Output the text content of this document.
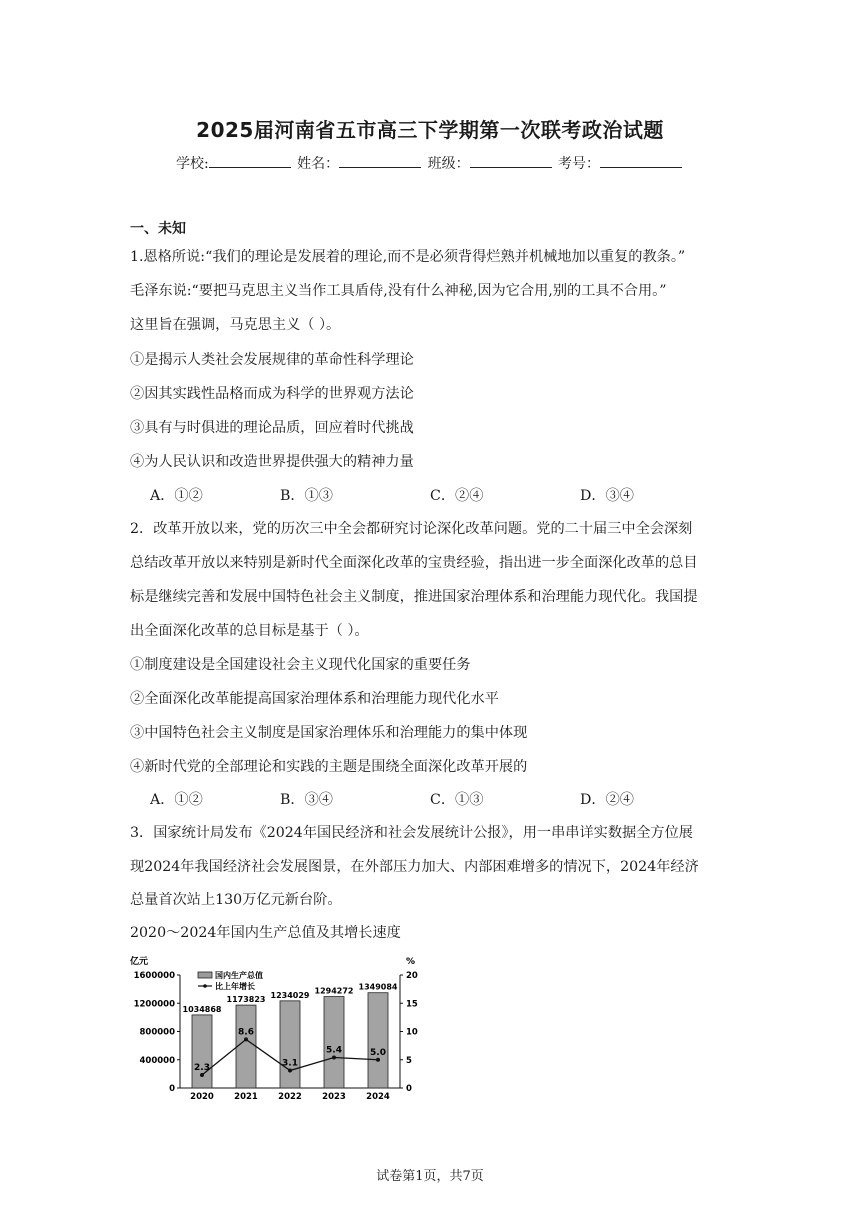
2025届河南省五市高三下学期第一次联考政治试题
学校:	姓名：	班级：	考号：
一、未知
1.恩格所说:“我们的理论是发展着的理论,而不是必须背得烂熟并机械地加以重复的教条。”
毛泽东说:“要把马克思主义当作工具盾侍,没有什么神秘,因为它合用,别的工具不合用。”
这里旨在强调，马克思主义（ ）。
①是揭示人类社会发展规律的革命性科学理论
②因其实践性品格而成为科学的世界观方法论
③具有与时俱进的理论品质，回应着时代挑战
④为人民认识和改造世界提供强大的精神力量
A．①②	B．①③	C．②④	D．③④
2．改革开放以来，党的历次三中全会都研究讨论深化改革问题。党的二十届三中全会深刻
总结改革开放以来特别是新时代全面深化改革的宝贵经验，指出进一步全面深化改革的总目
标是继续完善和发展中国特色社会主义制度，推进国家治理体系和治理能力现代化。我国提
出全面深化改革的总目标是基于（ ）。
①制度建设是全国建设社会主义现代化国家的重要任务
②全面深化改革能提高国家治理体系和治理能力现代化水平
③中国特色社会主义制度是国家治理体乐和治理能力的集中体现
④新时代党的全部理论和实践的主题是围绕全面深化改革开展的
A．①②	B．③④	C．①③	D．②④
3．国家统计局发布《2024年国民经济和社会发展统计公报》，用一串串详实数据全方位展
现2024年我国经济社会发展图景，在外部压力加大、内部困难增多的情况下，2024年经济
总量首次站上130万亿元新台阶。
2020～2024年国内生产总值及其增长速度
亿元	%
国内生产总值
比上年增长
0
400000
800000
1200000
1600000
0
5
10
15
20
2020 2021 2022 2023 2024
1034868
1173823 1234029 1294272 1349084
2.3
8.6
3.1
5.4	5.0
试卷第1页，共7页
